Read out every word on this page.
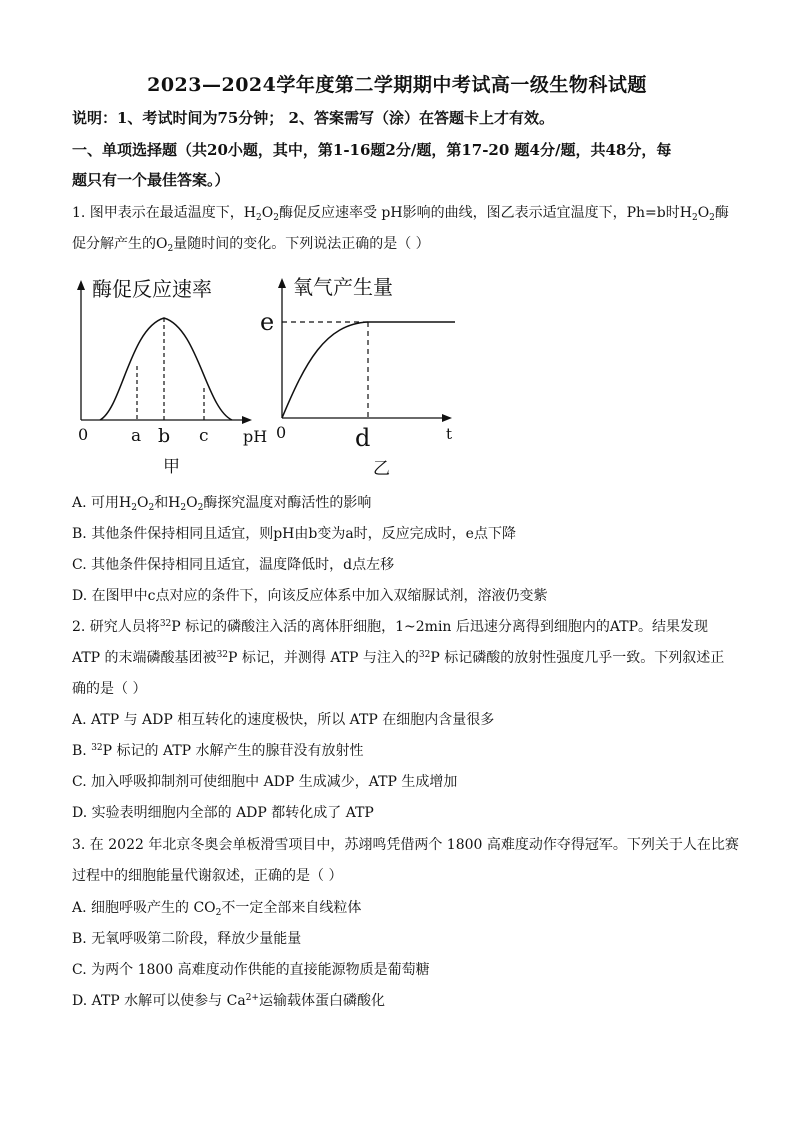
2023—2024学年度第二学期期中考试高一级生物科试题
说明：1、考试时间为75分钟； 2、答案需写（涂）在答题卡上才有效。
一、单项选择题（共20小题，其中，第1-16题2分/题，第17-20 题4分/题，共48分，每
题只有一个最佳答案。）
1. 图甲表示在最适温度下，$H_2O_2$酶促反应速率受 pH影响的曲线，图乙表示适宜温度下，Ph=b时$H_2O_2$酶
促分解产生的$O_2$量随时间的变化。下列说法正确的是（ ）
酶促反应速率
0	a b c pH
甲
氧气产生量
e
0	d	t
乙
A. 可用$H_2O_2$和$H_2O_2$酶探究温度对酶活性的影响
B. 其他条件保持相同且适宜，则pH由b变为a时，反应完成时，e点下降
C. 其他条件保持相同且适宜，温度降低时，d点左移
D. 在图甲中c点对应的条件下，向该反应体系中加入双缩脲试剂，溶液仍变紫
2. 研究人员将$^{32}$P 标记的磷酸注入活的离体肝细胞，1~2min 后迅速分离得到细胞内的ATP。结果发现
ATP 的末端磷酸基团被$^{32}$P 标记，并测得 ATP 与注入的$^{32}$P 标记磷酸的放射性强度几乎一致。下列叙述正
确的是（ ）
A. ATP 与 ADP 相互转化的速度极快，所以 ATP 在细胞内含量很多
B. $^{32}$P 标记的 ATP 水解产生的腺苷没有放射性
C. 加入呼吸抑制剂可使细胞中 ADP 生成减少，ATP 生成增加
D. 实验表明细胞内全部的 ADP 都转化成了 ATP
3. 在 2022 年北京冬奥会单板滑雪项目中，苏翊鸣凭借两个 1800 高难度动作夺得冠军。下列关于人在比赛
过程中的细胞能量代谢叙述，正确的是（ ）
A. 细胞呼吸产生的 $CO_2$不一定全部来自线粒体
B. 无氧呼吸第二阶段，释放少量能量
C. 为两个 1800 高难度动作供能的直接能源物质是葡萄糖
D. ATP 水解可以使参与 $Ca^{2+}$运输载体蛋白磷酸化
